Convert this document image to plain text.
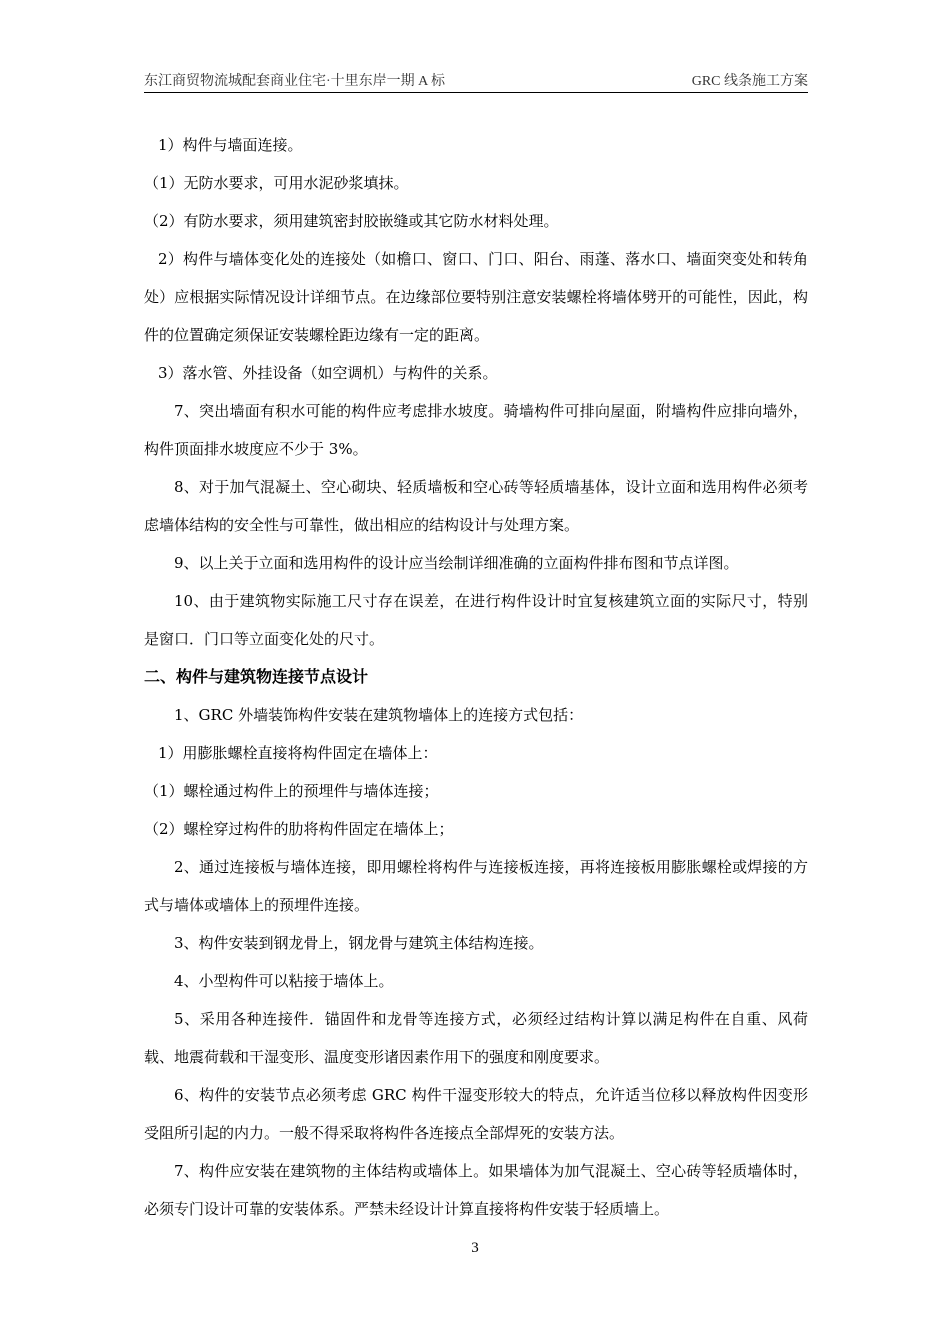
东江商贸物流城配套商业住宅·十里东岸一期 A 标	GRC 线条施工方案

1）构件与墙面连接。

（1）无防水要求，可用水泥砂浆填抹。

（2）有防水要求，须用建筑密封胶嵌缝或其它防水材料处理。

2）构件与墙体变化处的连接处（如檐口、窗口、门口、阳台、雨蓬、落水口、墙面突变处和转角处）应根据实际情况设计详细节点。在边缘部位要特别注意安装螺栓将墙体劈开的可能性，因此，构件的位置确定须保证安装螺栓距边缘有一定的距离。

3）落水管、外挂设备（如空调机）与构件的关系。

7、突出墙面有积水可能的构件应考虑排水坡度。骑墙构件可排向屋面，附墙构件应排向墙外，构件顶面排水坡度应不少于 3%。

8、对于加气混凝土、空心砌块、轻质墙板和空心砖等轻质墙基体，设计立面和选用构件必须考虑墙体结构的安全性与可靠性，做出相应的结构设计与处理方案。

9、以上关于立面和选用构件的设计应当绘制详细准确的立面构件排布图和节点详图。

10、由于建筑物实际施工尺寸存在误差，在进行构件设计时宜复核建筑立面的实际尺寸，特别是窗口．门口等立面变化处的尺寸。

二、构件与建筑物连接节点设计

1、GRC 外墙装饰构件安装在建筑物墙体上的连接方式包括：

1）用膨胀螺栓直接将构件固定在墙体上：

（1）螺栓通过构件上的预埋件与墙体连接；

（2）螺栓穿过构件的肋将构件固定在墙体上；

2、通过连接板与墙体连接，即用螺栓将构件与连接板连接，再将连接板用膨胀螺栓或焊接的方式与墙体或墙体上的预埋件连接。

3、构件安装到钢龙骨上，钢龙骨与建筑主体结构连接。

4、小型构件可以粘接于墙体上。

5、采用各种连接件．锚固件和龙骨等连接方式，必须经过结构计算以满足构件在自重、风荷载、地震荷载和干湿变形、温度变形诸因素作用下的强度和刚度要求。

6、构件的安装节点必须考虑 GRC 构件干湿变形较大的特点，允许适当位移以释放构件因变形受阻所引起的内力。一般不得采取将构件各连接点全部焊死的安装方法。

7、构件应安装在建筑物的主体结构或墙体上。如果墙体为加气混凝土、空心砖等轻质墙体时，必须专门设计可靠的安装体系。严禁未经设计计算直接将构件安装于轻质墙上。

3
